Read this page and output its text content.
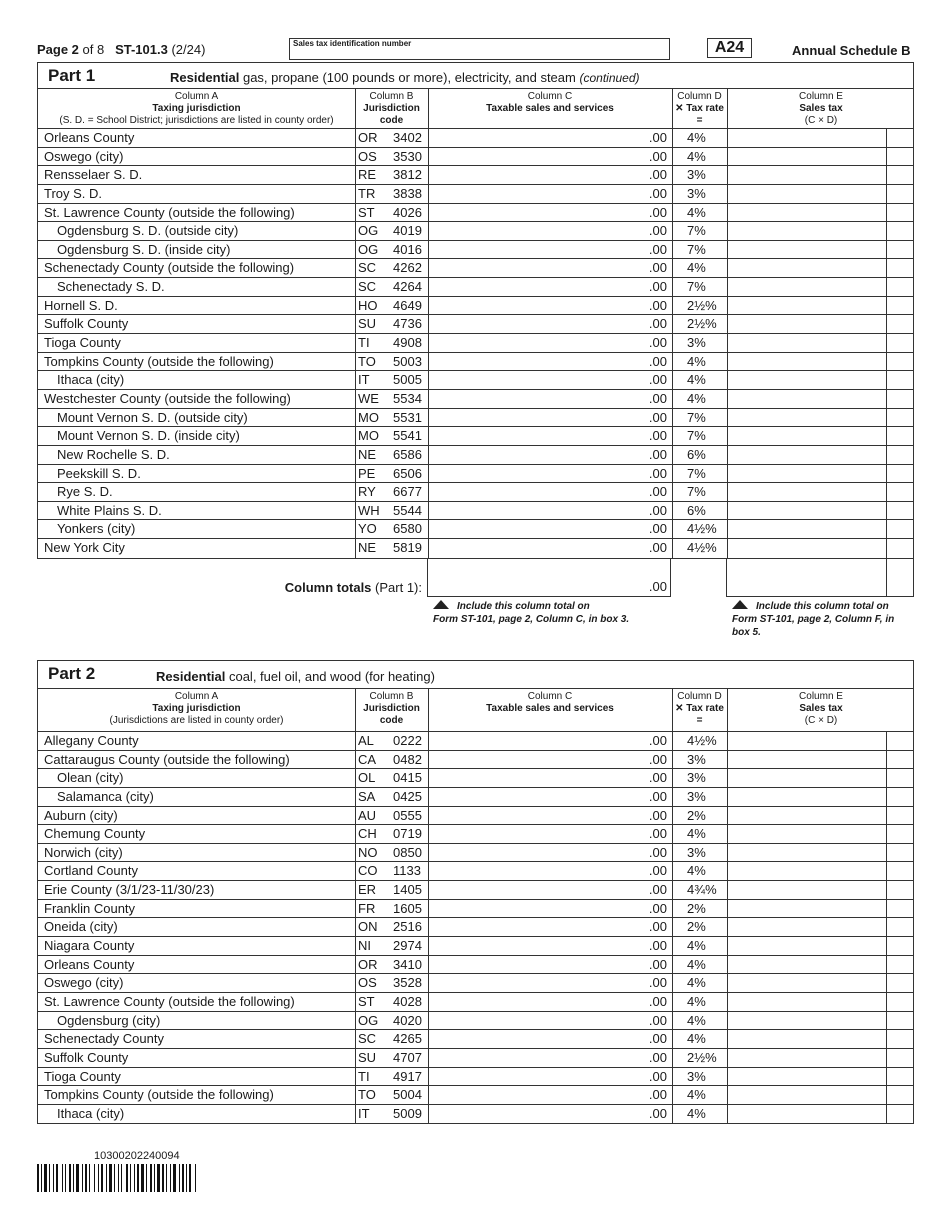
Page 2 of 8 ST-101.3 (2/24)	Sales tax identification number	A24	Annual Schedule B
Part 1	Residential gas, propane (100 pounds or more), electricity, and steam (continued)
Column A
Taxing jurisdiction
(S. D. = School District; jurisdictions are listed in county order)
Column B
Jurisdiction
code
Column C
Taxable sales and services
Column D
✕ Tax rate =
Column E
Sales tax
(C × D)
Orleans County	OR 3402	.00 4%
Oswego (city)	OS 3530	.00 4%
Rensselaer S. D.	RE 3812	.00 3%
Troy S. D.	TR 3838	.00 3%
St. Lawrence County (outside the following)	ST 4026	.00 4%
Ogdensburg S. D. (outside city)	OG 4019	.00 7%
Ogdensburg S. D. (inside city)	OG 4016	.00 7%
Schenectady County (outside the following)	SC 4262	.00 4%
Schenectady S. D.	SC 4264	.00 7%
Hornell S. D.	HO 4649	.00 2½%
Suffolk County	SU 4736	.00 2½%
Tioga County	TI 4908	.00 3%
Tompkins County (outside the following)	TO 5003	.00 4%
Ithaca (city)	IT 5005	.00 4%
Westchester County (outside the following)	WE 5534	.00 4%
Mount Vernon S. D. (outside city)	MO 5531	.00 7%
Mount Vernon S. D. (inside city)	MO 5541	.00 7%
New Rochelle S. D.	NE 6586	.00 6%
Peekskill S. D.	PE 6506	.00 7%
Rye S. D.	RY 6677	.00 7%
White Plains S. D.	WH 5544	.00 6%
Yonkers (city)	YO 6580	.00 4½%
New York City	NE 5819	.00 4½%
Column totals (Part 1):	.00
Include this column total on
Form ST-101, page 2, Column C, in box 3.
Include this column total on
Form ST-101, page 2, Column F, in
box 5.
Part 2	Residential coal, fuel oil, and wood (for heating)
Column A
Taxing jurisdiction
(Jurisdictions are listed in county order)
Column B
Jurisdiction
code
Column C
Taxable sales and services
Column D
✕ Tax rate =
Column E
Sales tax
(C × D)
Allegany County	AL 0222	.00 4½%
Cattaraugus County (outside the following)	CA 0482	.00 3%
Olean (city)	OL 0415	.00 3%
Salamanca (city)	SA 0425	.00 3%
Auburn (city)	AU 0555	.00 2%
Chemung County	CH 0719	.00 4%
Norwich (city)	NO 0850	.00 3%
Cortland County	CO 1133	.00 4%
Erie County (3/1/23-11/30/23)	ER 1405	.00 4¾%
Franklin County	FR 1605	.00 2%
Oneida (city)	ON 2516	.00 2%
Niagara County	NI 2974	.00 4%
Orleans County	OR 3410	.00 4%
Oswego (city)	OS 3528	.00 4%
St. Lawrence County (outside the following)	ST 4028	.00 4%
Ogdensburg (city)	OG 4020	.00 4%
Schenectady County	SC 4265	.00 4%
Suffolk County	SU 4707	.00 2½%
Tioga County	TI 4917	.00 3%
Tompkins County (outside the following)	TO 5004	.00 4%
Ithaca (city)	IT 5009	.00 4%
10300202240094
